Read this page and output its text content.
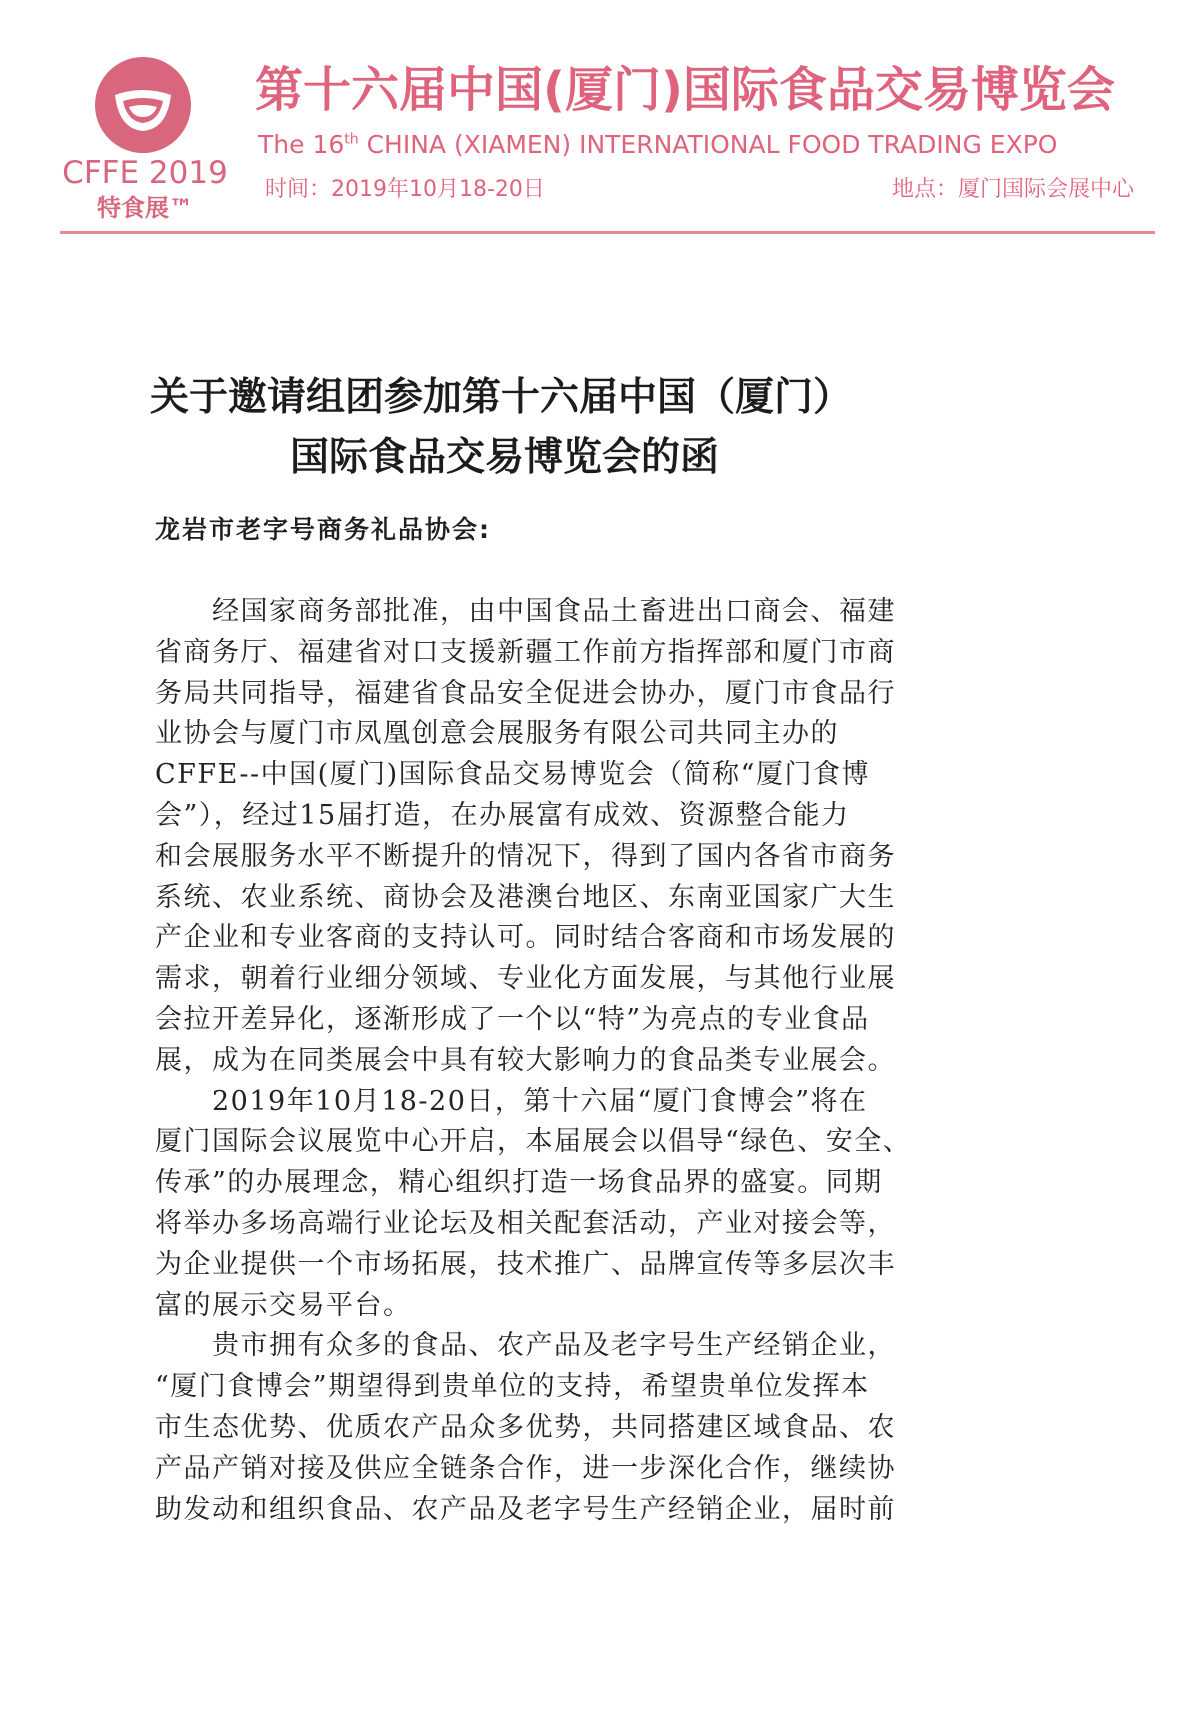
CFFE 2019
特食展™
第十六届中国(厦门)国际食品交易博览会
The 16th CHINA (XIAMEN) INTERNATIONAL FOOD TRADING EXPO
时间：2019年10月18-20日	地点：厦门国际会展中心
关于邀请组团参加第十六届中国（厦门）
国际食品交易博览会的函
龙岩市老字号商务礼品协会:
　　经国家商务部批准，由中国食品土畜进出口商会、福建
省商务厅、福建省对口支援新疆工作前方指挥部和厦门市商
务局共同指导，福建省食品安全促进会协办，厦门市食品行
业协会与厦门市凤凰创意会展服务有限公司共同主办的
CFFE--中国(厦门)国际食品交易博览会（简称“厦门食博
会”），经过15届打造，在办展富有成效、资源整合能力
和会展服务水平不断提升的情况下，得到了国内各省市商务
系统、农业系统、商协会及港澳台地区、东南亚国家广大生
产企业和专业客商的支持认可。同时结合客商和市场发展的
需求，朝着行业细分领域、专业化方面发展，与其他行业展
会拉开差异化，逐渐形成了一个以“特”为亮点的专业食品
展，成为在同类展会中具有较大影响力的食品类专业展会。
　　2019年10月18-20日，第十六届“厦门食博会”将在
厦门国际会议展览中心开启，本届展会以倡导“绿色、安全、
传承”的办展理念，精心组织打造一场食品界的盛宴。同期
将举办多场高端行业论坛及相关配套活动，产业对接会等，
为企业提供一个市场拓展，技术推广、品牌宣传等多层次丰
富的展示交易平台。
　　贵市拥有众多的食品、农产品及老字号生产经销企业，
“厦门食博会”期望得到贵单位的支持，希望贵单位发挥本
市生态优势、优质农产品众多优势，共同搭建区域食品、农
产品产销对接及供应全链条合作，进一步深化合作，继续协
助发动和组织食品、农产品及老字号生产经销企业，届时前
